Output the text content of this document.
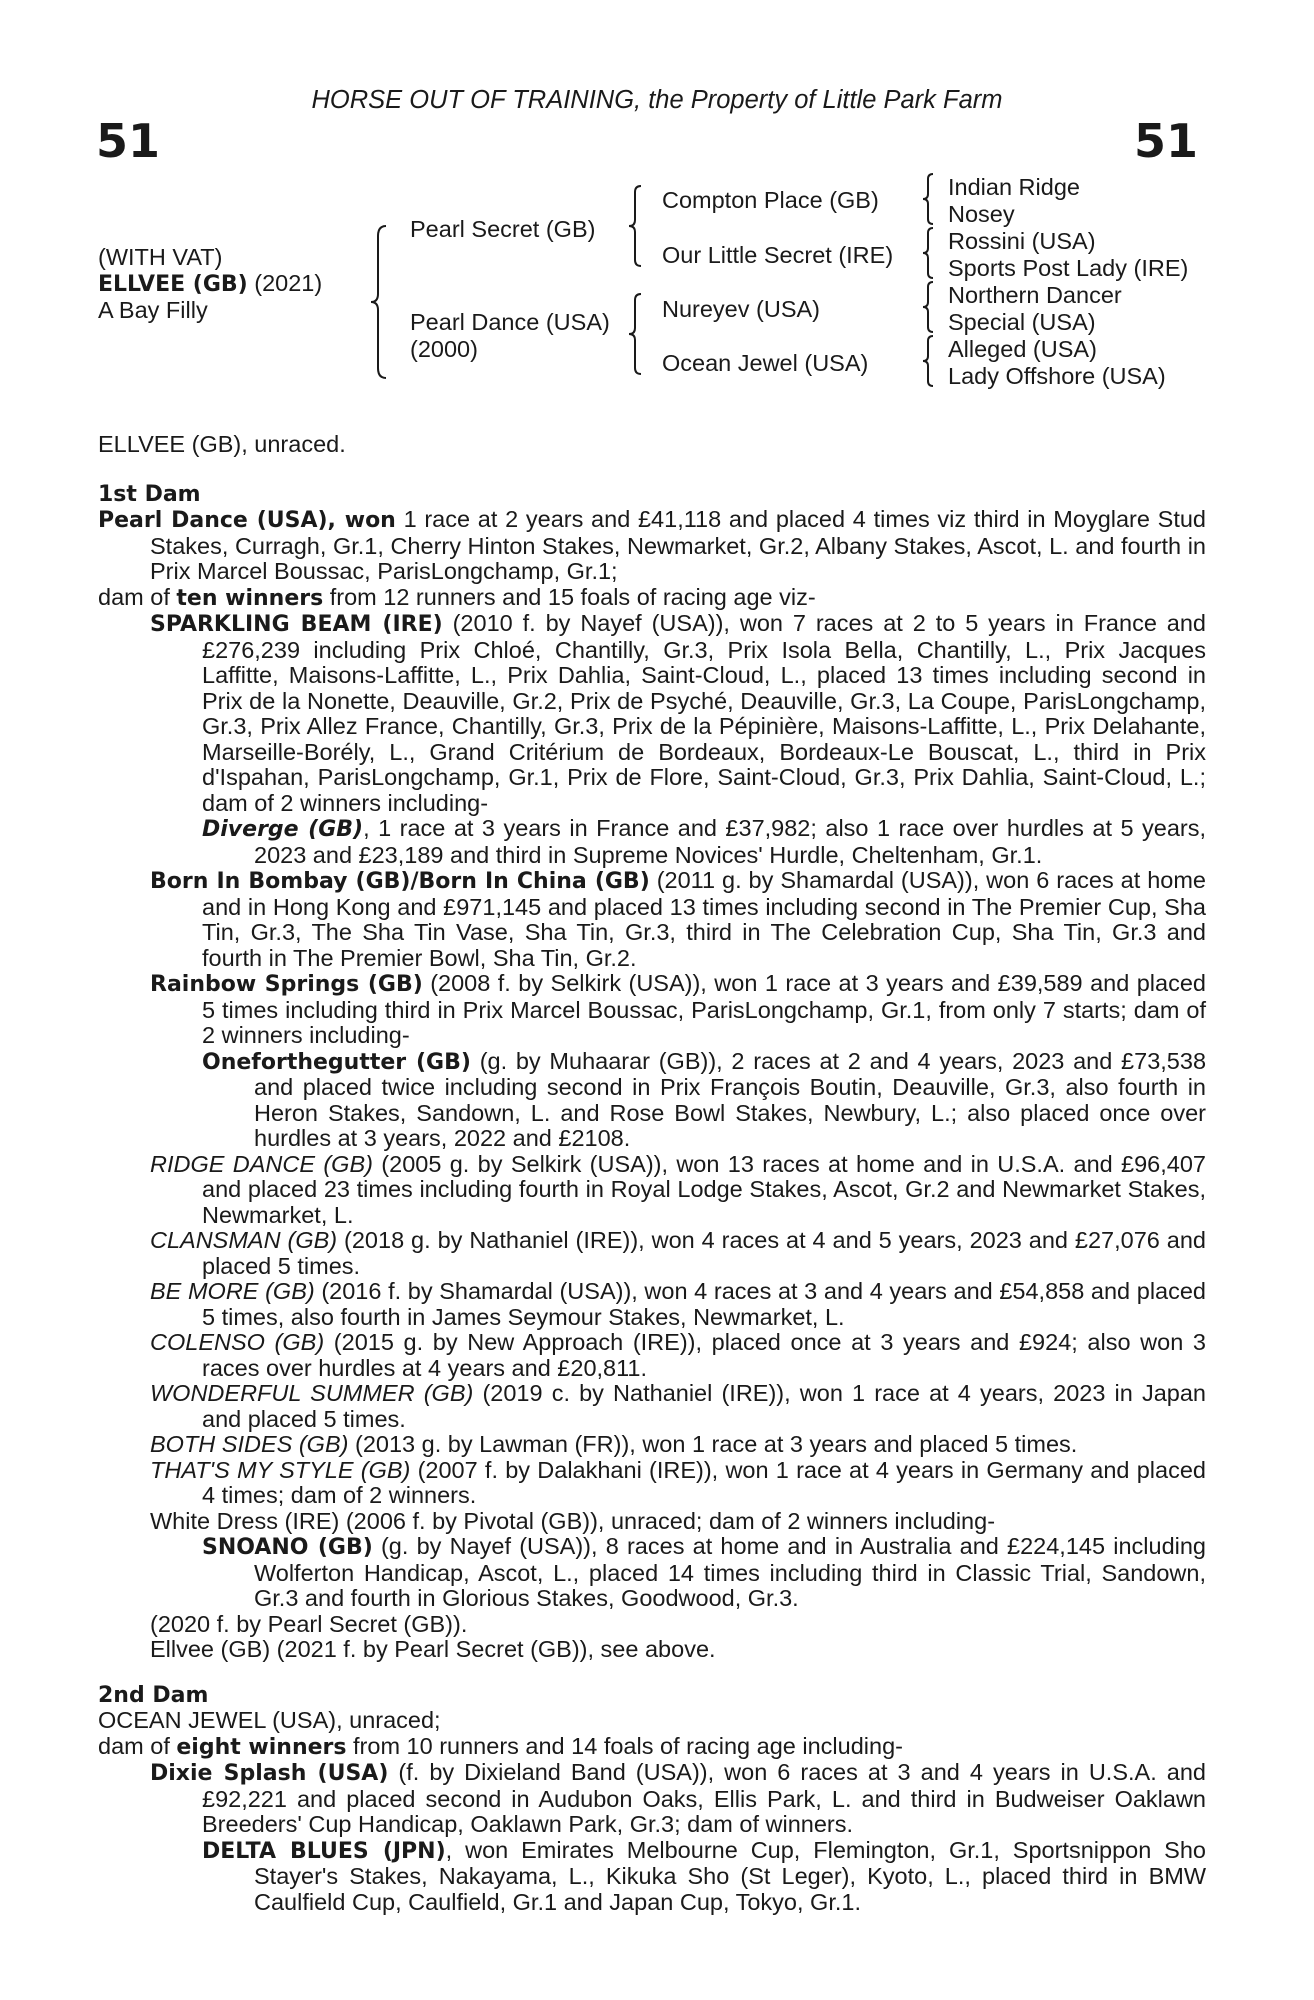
51	51
HORSE OUT OF TRAINING, the Property of Little Park Farm
(WITH VAT)
ELLVEE (GB) (2021)
A Bay Filly
Pearl Secret (GB)
Pearl Dance (USA)
(2000)
Compton Place (GB)
Our Little Secret (IRE)
Nureyev (USA)
Ocean Jewel (USA)
Indian Ridge
Nosey
Rossini (USA)
Sports Post Lady (IRE)
Northern Dancer
Special (USA)
Alleged (USA)
Lady Offshore (USA)
ELLVEE (GB), unraced.
1st Dam
Pearl Dance (USA), won 1 race at 2 years and £41,118 and placed 4 times viz third in Moyglare Stud Stakes, Curragh, Gr.1, Cherry Hinton Stakes, Newmarket, Gr.2, Albany Stakes, Ascot, L. and fourth in Prix Marcel Boussac, ParisLongchamp, Gr.1;
dam of ten winners from 12 runners and 15 foals of racing age viz-
SPARKLING BEAM (IRE) (2010 f. by Nayef (USA)), won 7 races at 2 to 5 years in France and £276,239 including Prix Chloé, Chantilly, Gr.3, Prix Isola Bella, Chantilly, L., Prix Jacques Laffitte, Maisons-Laffitte, L., Prix Dahlia, Saint-Cloud, L., placed 13 times including second in Prix de la Nonette, Deauville, Gr.2, Prix de Psyché, Deauville, Gr.3, La Coupe, ParisLongchamp, Gr.3, Prix Allez France, Chantilly, Gr.3, Prix de la Pépinière, Maisons-Laffitte, L., Prix Delahante, Marseille-Borély, L., Grand Critérium de Bordeaux, Bordeaux-Le Bouscat, L., third in Prix d'Ispahan, ParisLongchamp, Gr.1, Prix de Flore, Saint-Cloud, Gr.3, Prix Dahlia, Saint-Cloud, L.; dam of 2 winners including-
Diverge (GB), 1 race at 3 years in France and £37,982; also 1 race over hurdles at 5 years, 2023 and £23,189 and third in Supreme Novices' Hurdle, Cheltenham, Gr.1.
Born In Bombay (GB)/Born In China (GB) (2011 g. by Shamardal (USA)), won 6 races at home and in Hong Kong and £971,145 and placed 13 times including second in The Premier Cup, Sha Tin, Gr.3, The Sha Tin Vase, Sha Tin, Gr.3, third in The Celebration Cup, Sha Tin, Gr.3 and fourth in The Premier Bowl, Sha Tin, Gr.2.
Rainbow Springs (GB) (2008 f. by Selkirk (USA)), won 1 race at 3 years and £39,589 and placed 5 times including third in Prix Marcel Boussac, ParisLongchamp, Gr.1, from only 7 starts; dam of 2 winners including-
Oneforthegutter (GB) (g. by Muhaarar (GB)), 2 races at 2 and 4 years, 2023 and £73,538 and placed twice including second in Prix François Boutin, Deauville, Gr.3, also fourth in Heron Stakes, Sandown, L. and Rose Bowl Stakes, Newbury, L.; also placed once over hurdles at 3 years, 2022 and £2108.
RIDGE DANCE (GB) (2005 g. by Selkirk (USA)), won 13 races at home and in U.S.A. and £96,407 and placed 23 times including fourth in Royal Lodge Stakes, Ascot, Gr.2 and Newmarket Stakes, Newmarket, L.
CLANSMAN (GB) (2018 g. by Nathaniel (IRE)), won 4 races at 4 and 5 years, 2023 and £27,076 and placed 5 times.
BE MORE (GB) (2016 f. by Shamardal (USA)), won 4 races at 3 and 4 years and £54,858 and placed 5 times, also fourth in James Seymour Stakes, Newmarket, L.
COLENSO (GB) (2015 g. by New Approach (IRE)), placed once at 3 years and £924; also won 3 races over hurdles at 4 years and £20,811.
WONDERFUL SUMMER (GB) (2019 c. by Nathaniel (IRE)), won 1 race at 4 years, 2023 in Japan and placed 5 times.
BOTH SIDES (GB) (2013 g. by Lawman (FR)), won 1 race at 3 years and placed 5 times.
THAT'S MY STYLE (GB) (2007 f. by Dalakhani (IRE)), won 1 race at 4 years in Germany and placed 4 times; dam of 2 winners.
White Dress (IRE) (2006 f. by Pivotal (GB)), unraced; dam of 2 winners including-
SNOANO (GB) (g. by Nayef (USA)), 8 races at home and in Australia and £224,145 including Wolferton Handicap, Ascot, L., placed 14 times including third in Classic Trial, Sandown, Gr.3 and fourth in Glorious Stakes, Goodwood, Gr.3.
(2020 f. by Pearl Secret (GB)).
Ellvee (GB) (2021 f. by Pearl Secret (GB)), see above.
2nd Dam
OCEAN JEWEL (USA), unraced;
dam of eight winners from 10 runners and 14 foals of racing age including-
Dixie Splash (USA) (f. by Dixieland Band (USA)), won 6 races at 3 and 4 years in U.S.A. and £92,221 and placed second in Audubon Oaks, Ellis Park, L. and third in Budweiser Oaklawn Breeders' Cup Handicap, Oaklawn Park, Gr.3; dam of winners.
DELTA BLUES (JPN), won Emirates Melbourne Cup, Flemington, Gr.1, Sportsnippon Sho Stayer's Stakes, Nakayama, L., Kikuka Sho (St Leger), Kyoto, L., placed third in BMW Caulfield Cup, Caulfield, Gr.1 and Japan Cup, Tokyo, Gr.1.
